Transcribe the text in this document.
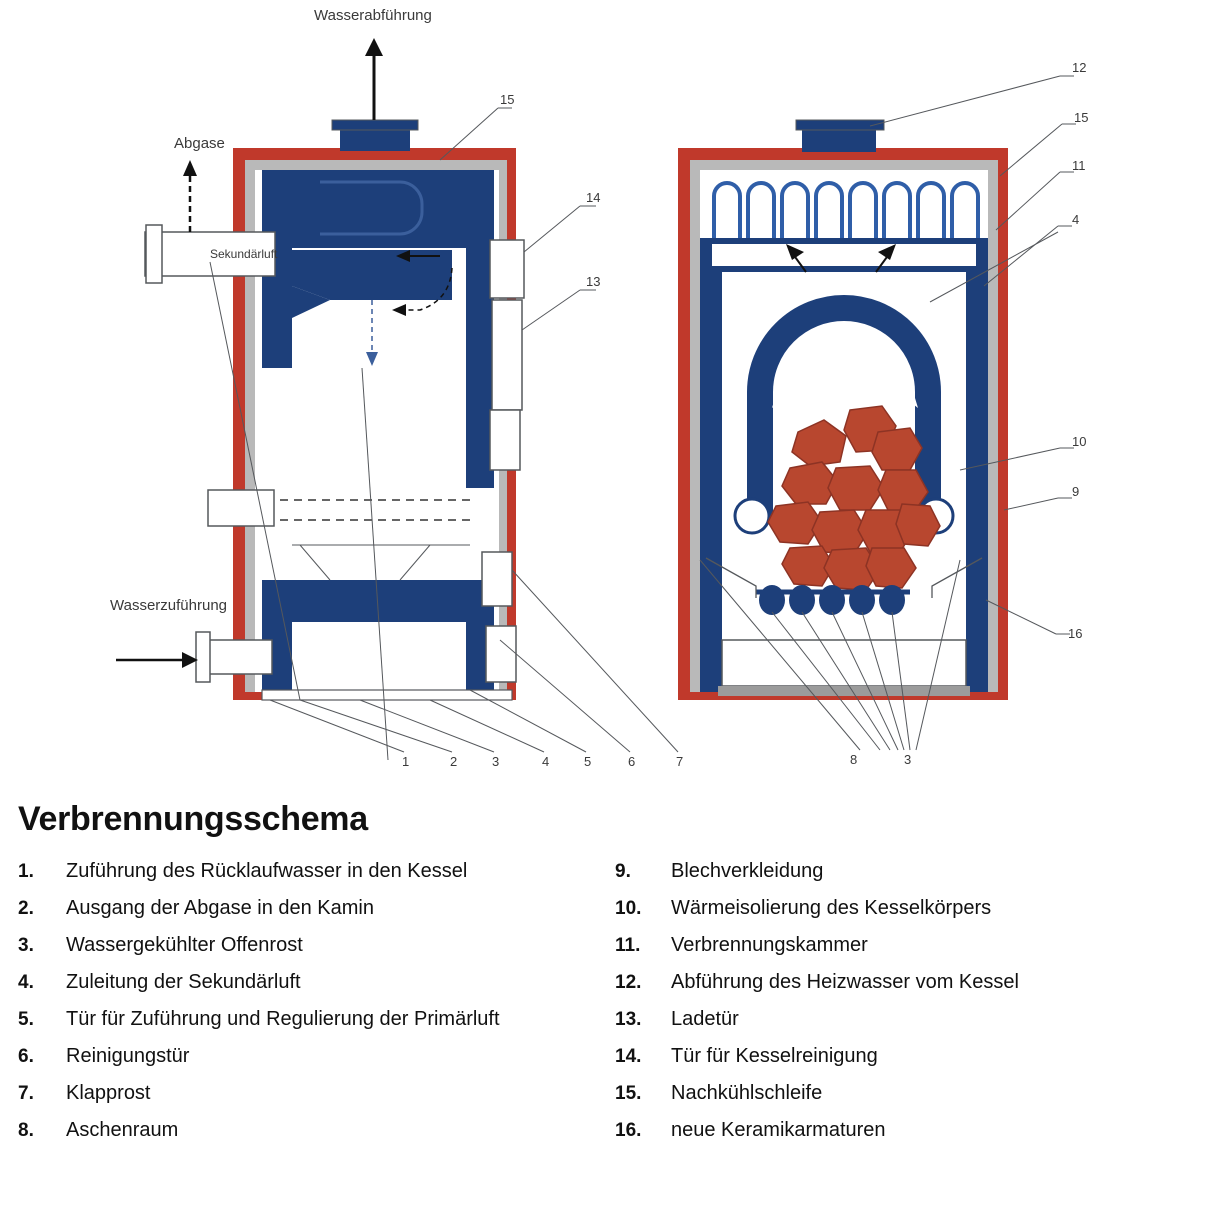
Sekundärluft
Abgase
Wasserabführung
Wasserzuführung
15
14
13
1	2	3	4	5	6	7
12
15
11
4
10
9
16
8	3
Verbrennungsschema
1.	Zuführung des Rücklaufwasser in den Kessel
2.	Ausgang der Abgase in den Kamin
3.	Wassergekühlter Offenrost
4.	Zuleitung der Sekundärluft
5.	Tür für Zuführung und Regulierung der Primärluft
6.	Reinigungstür
7.	Klapprost
8.	Aschenraum
9.	Blechverkleidung
10.	Wärmeisolierung des Kesselkörpers
11.	Verbrennungskammer
12.	Abführung des Heizwasser vom Kessel
13.	Ladetür
14.	Tür für Kesselreinigung
15.	Nachkühlschleife
16.	neue Keramikarmaturen
